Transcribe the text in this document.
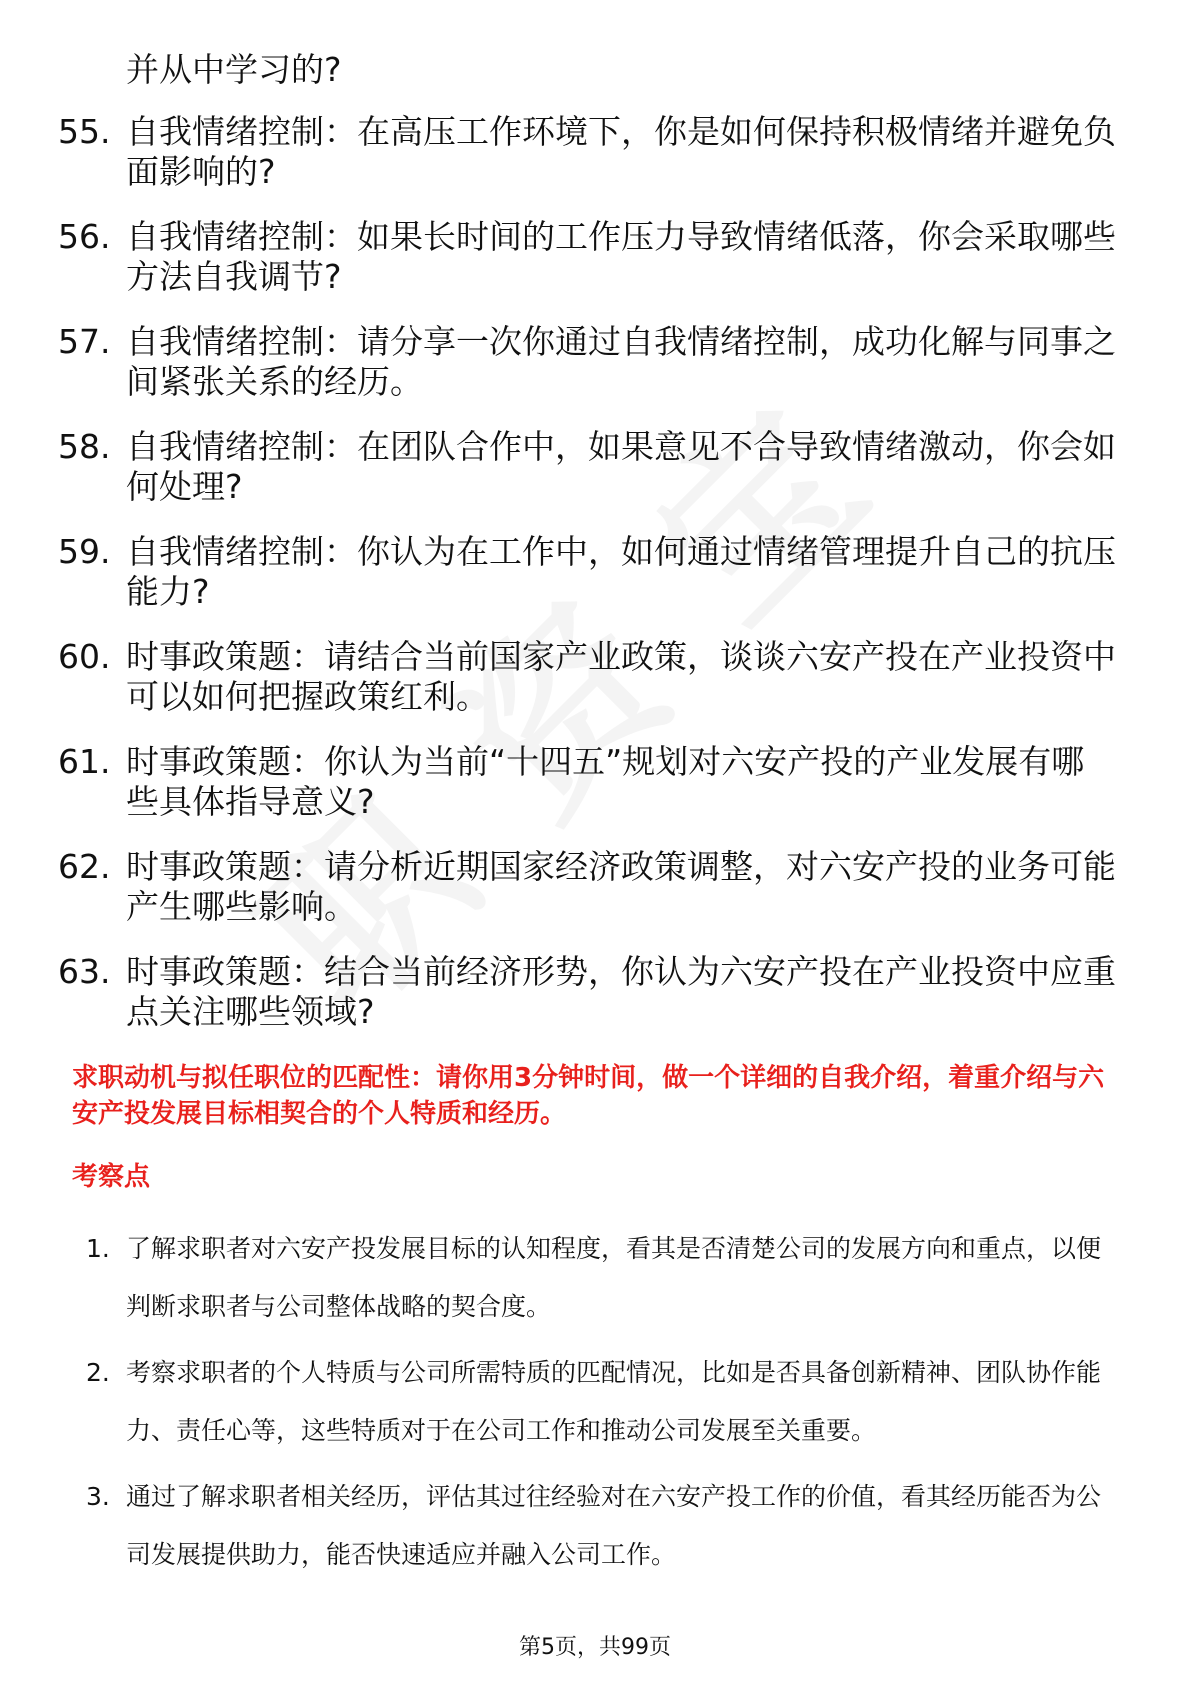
并从中学习的?
55. 自我情绪控制：在高压工作环境下，你是如何保持积极情绪并避免负面影响的?
56. 自我情绪控制：如果长时间的工作压力导致情绪低落，你会采取哪些方法自我调节?
57. 自我情绪控制：请分享一次你通过自我情绪控制，成功化解与同事之间紧张关系的经历。
58. 自我情绪控制：在团队合作中，如果意见不合导致情绪激动，你会如何处理?
59. 自我情绪控制：你认为在工作中，如何通过情绪管理提升自己的抗压能力?
60. 时事政策题：请结合当前国家产业政策，谈谈六安产投在产业投资中可以如何把握政策红利。
61. 时事政策题：你认为当前“十四五”规划对六安产投的产业发展有哪些具体指导意义?
62. 时事政策题：请分析近期国家经济政策调整，对六安产投的业务可能产生哪些影响。
63. 时事政策题：结合当前经济形势，你认为六安产投在产业投资中应重点关注哪些领域?
求职动机与拟任职位的匹配性：请你用3分钟时间，做一个详细的自我介绍，着重介绍与六安产投发展目标相契合的个人特质和经历。
考察点
1. 了解求职者对六安产投发展目标的认知程度，看其是否清楚公司的发展方向和重点，以便判断求职者与公司整体战略的契合度。
2. 考察求职者的个人特质与公司所需特质的匹配情况，比如是否具备创新精神、团队协作能力、责任心等，这些特质对于在公司工作和推动公司发展至关重要。
3. 通过了解求职者相关经历，评估其过往经验对在六安产投工作的价值，看其经历能否为公司发展提供助力，能否快速适应并融入公司工作。
第5页，共99页
